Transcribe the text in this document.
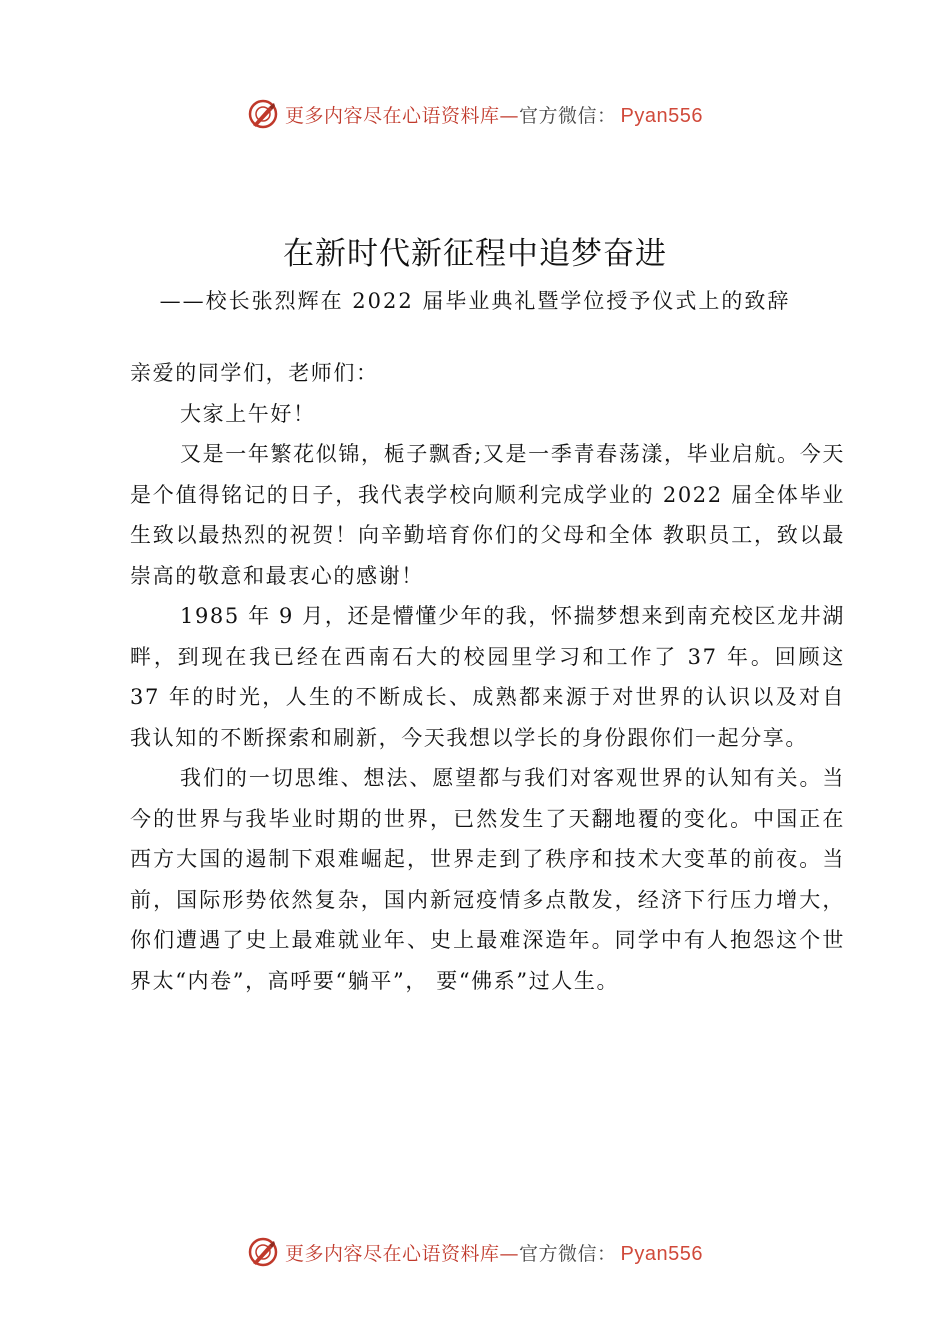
更多内容尽在心语资料库—官方微信： Pyan556
在新时代新征程中追梦奋进
——校长张烈辉在 2022 届毕业典礼暨学位授予仪式上的致辞

亲爱的同学们，老师们：

大家上午好！

又是一年繁花似锦，栀子飘香;又是一季青春荡漾，毕业启航。今天是个值得铭记的日子，我代表学校向顺利完成学业的 2022 届全体毕业生致以最热烈的祝贺！向辛勤培育你们的父母和全体 教职员工，致以最崇高的敬意和最衷心的感谢！

1985 年 9 月，还是懵懂少年的我，怀揣梦想来到南充校区龙井湖畔，到现在我已经在西南石大的校园里学习和工作了 37 年。回顾这 37 年的时光，人生的不断成长、成熟都来源于对世界的认识以及对自我认知的不断探索和刷新，今天我想以学长的身份跟你们一起分享。

我们的一切思维、想法、愿望都与我们对客观世界的认知有关。当今的世界与我毕业时期的世界，已然发生了天翻地覆的变化。中国正在西方大国的遏制下艰难崛起，世界走到了秩序和技术大变革的前夜。当前，国际形势依然复杂，国内新冠疫情多点散发，经济下行压力增大，你们遭遇了史上最难就业年、史上最难深造年。同学中有人抱怨这个世界太“内卷”，高呼要“躺平”， 要“佛系”过人生。

更多内容尽在心语资料库—官方微信： Pyan556
